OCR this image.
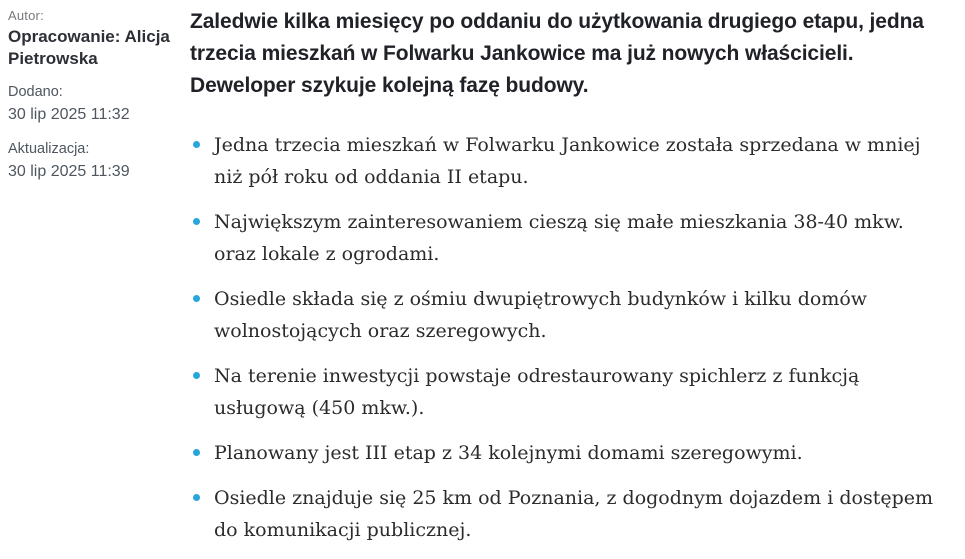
Autor:
Opracowanie: Alicja Pietrowska
Dodano:
30 lip 2025 11:32
Aktualizacja:
30 lip 2025 11:39

Zaledwie kilka miesięcy po oddaniu do użytkowania drugiego etapu, jedna trzecia mieszkań w Folwarku Jankowice ma już nowych właścicieli. Deweloper szykuje kolejną fazę budowy.

Jedna trzecia mieszkań w Folwarku Jankowice została sprzedana w mniej niż pół roku od oddania II etapu.
Największym zainteresowaniem cieszą się małe mieszkania 38-40 mkw. oraz lokale z ogrodami.
Osiedle składa się z ośmiu dwupiętrowych budynków i kilku domów wolnostojących oraz szeregowych.
Na terenie inwestycji powstaje odrestaurowany spichlerz z funkcją usługową (450 mkw.).
Planowany jest III etap z 34 kolejnymi domami szeregowymi.
Osiedle znajduje się 25 km od Poznania, z dogodnym dojazdem i dostępem do komunikacji publicznej.
